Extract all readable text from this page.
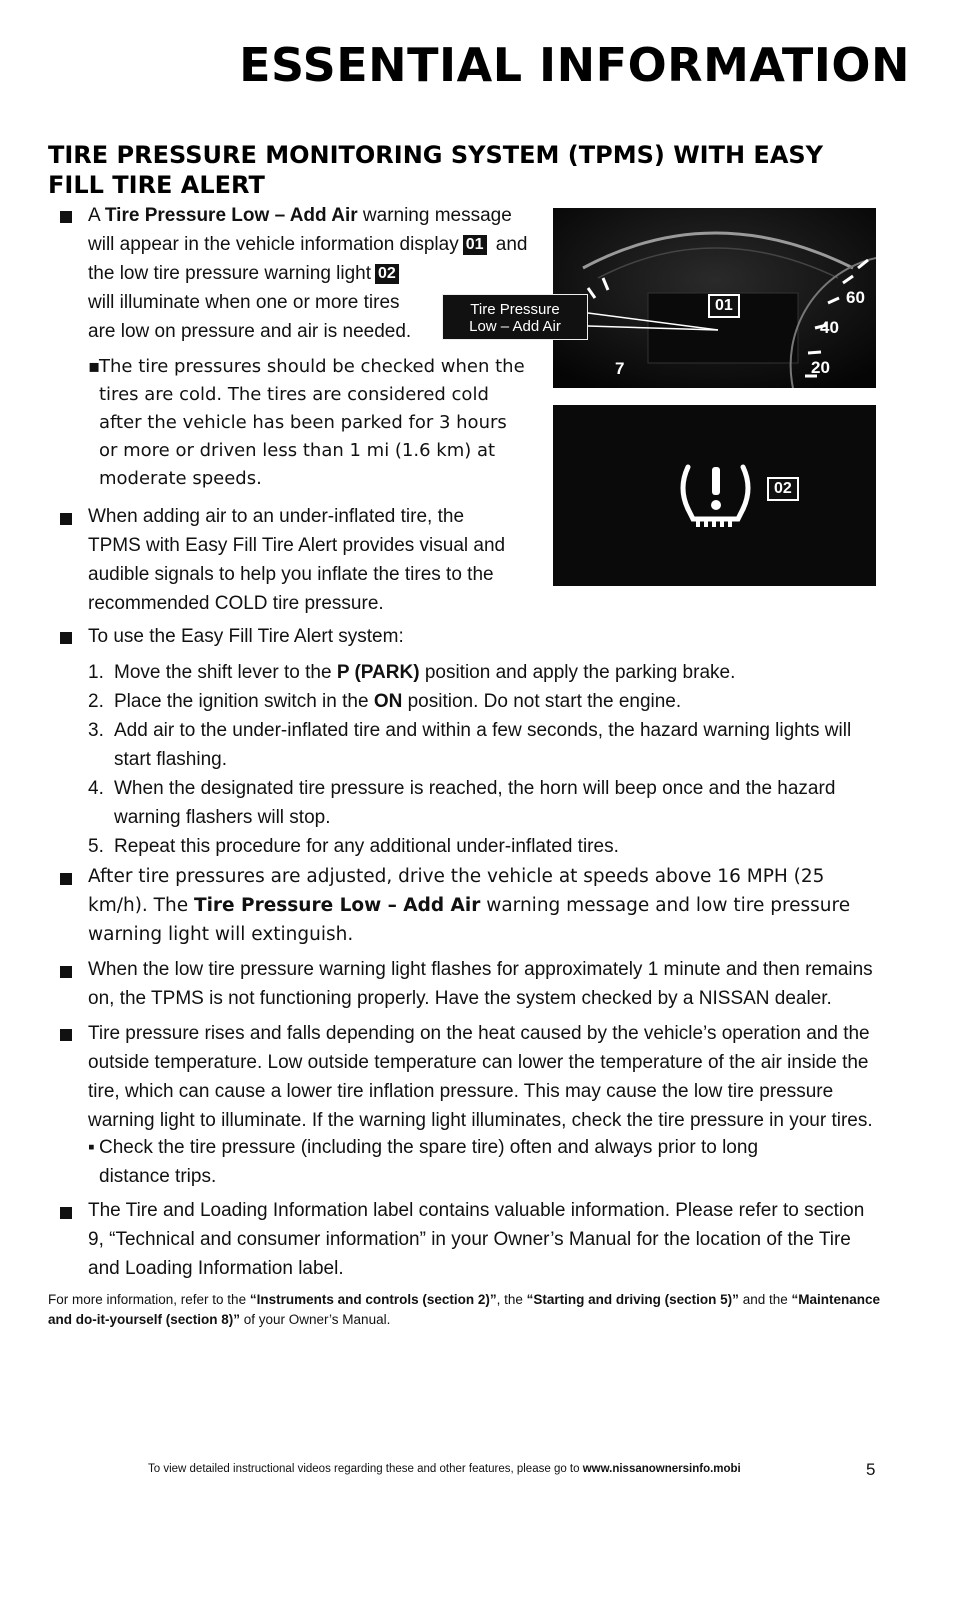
ESSENTIAL INFORMATION
TIRE PRESSURE MONITORING SYSTEM (TPMS) WITH EASY FILL TIRE ALERT
A Tire Pressure Low – Add Air warning message will appear in the vehicle information display 01 and the low tire pressure warning light 02will illuminate when one or more tires are low on pressure and air is needed.
▪
The tire pressures should be checked when the tires are cold. The tires are considered cold after the vehicle has been parked for 3 hours or more or driven less than 1 mi (1.6 km) at moderate speeds.
When adding air to an under-inflated tire, the TPMS with Easy Fill Tire Alert provides visual and audible signals to help you inflate the tires to the recommended COLD tire pressure.
60
40
20
7
Tire Pressure
Low – Add Air
01
02
To use the Easy Fill Tire Alert system:
1. Move the shift lever to the P (PARK) position and apply the parking brake.
2. Place the ignition switch in the ON position. Do not start the engine.
3. Add air to the under-inflated tire and within a few seconds, the hazard warning lights will start flashing.
4. When the designated tire pressure is reached, the horn will beep once and the hazard warning flashers will stop.
5. Repeat this procedure for any additional under-inflated tires.
After tire pressures are adjusted, drive the vehicle at speeds above 16 MPH (25 km/h). The Tire Pressure Low – Add Air warning message and low tire pressure warning light will extinguish.
When the low tire pressure warning light flashes for approximately 1 minute and then remains on, the TPMS is not functioning properly. Have the system checked by a NISSAN dealer.
Tire pressure rises and falls depending on the heat caused by the vehicle’s operation and the outside temperature. Low outside temperature can lower the temperature of the air inside the tire, which can cause a lower tire inflation pressure. This may cause the low tire pressure warning light to illuminate. If the warning light illuminates, check the tire pressure in your tires.
▪ Check the tire pressure (including the spare tire) often and always prior to long distance trips.
The Tire and Loading Information label contains valuable information. Please refer to section 9, “Technical and consumer information” in your Owner’s Manual for the location of the Tire and Loading Information label.
For more information, refer to the “Instruments and controls (section 2)”, the “Starting and driving (section 5)” and the “Maintenance and do-it-yourself (section 8)” of your Owner’s Manual.
To view detailed instructional videos regarding these and other features, please go to www.nissanownersinfo.mobi	5
